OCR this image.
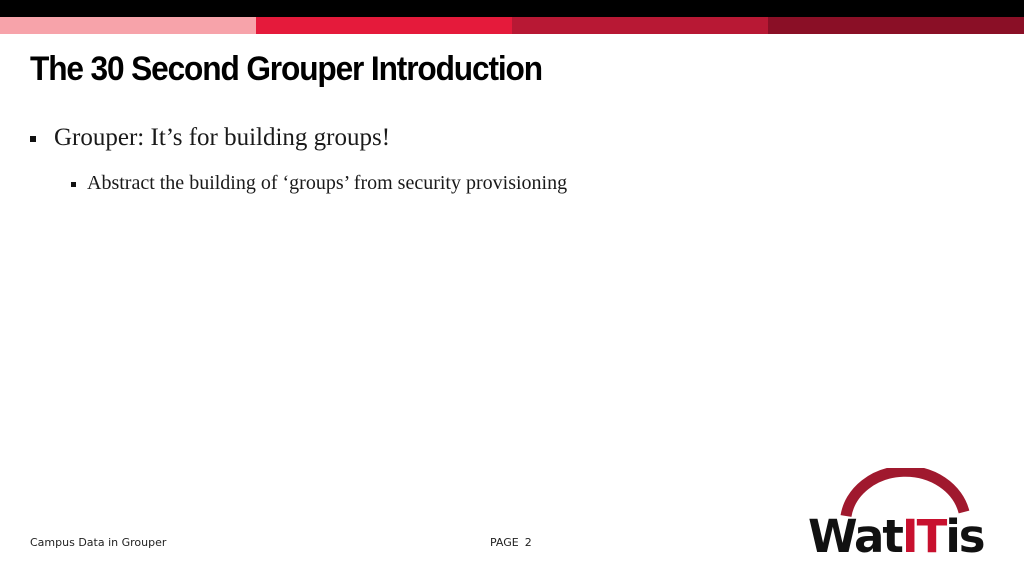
The 30 Second Grouper Introduction
Grouper: It’s for building groups!
Abstract the building of ‘groups’ from security provisioning
Campus Data in Grouper	PAGE 2	WatITis
